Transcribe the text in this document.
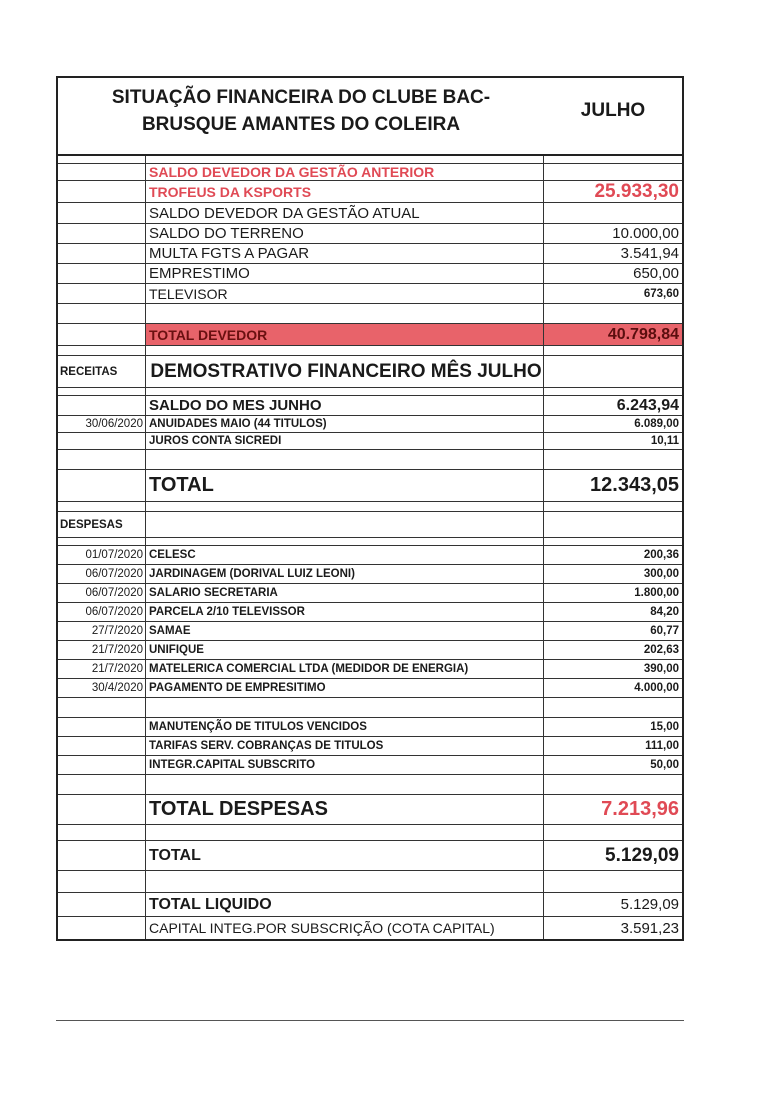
SITUAÇÃO FINANCEIRA DO CLUBE BAC-
BRUSQUE AMANTES DO COLEIRA
JULHO
SALDO DEVEDOR DA GESTÃO ANTERIOR
TROFEUS DA KSPORTS	25.933,30
SALDO DEVEDOR DA GESTÃO ATUAL
SALDO DO TERRENO	10.000,00
MULTA FGTS A PAGAR	3.541,94
EMPRESTIMO	650,00
TELEVISOR	673,60
TOTAL DEVEDOR	40.798,84
RECEITAS	DEMOSTRATIVO FINANCEIRO MÊS JULHO
SALDO DO MES JUNHO	6.243,94
30/06/2020 ANUIDADES MAIO (44 TITULOS)	6.089,00
JUROS CONTA SICREDI	10,11
TOTAL	12.343,05
DESPESAS
01/07/2020 CELESC	200,36
06/07/2020 JARDINAGEM (DORIVAL LUIZ LEONI)	300,00
06/07/2020 SALARIO SECRETARIA	1.800,00
06/07/2020 PARCELA 2/10 TELEVISSOR	84,20
27/7/2020 SAMAE	60,77
21/7/2020 UNIFIQUE	202,63
21/7/2020 MATELERICA COMERCIAL LTDA (MEDIDOR DE ENERGIA)	390,00
30/4/2020 PAGAMENTO DE EMPRESITIMO	4.000,00
MANUTENÇÃO DE TITULOS VENCIDOS	15,00
TARIFAS SERV. COBRANÇAS DE TITULOS	111,00
INTEGR.CAPITAL SUBSCRITO	50,00
TOTAL DESPESAS	7.213,96
TOTAL	5.129,09
TOTAL LIQUIDO	5.129,09
CAPITAL INTEG.POR SUBSCRIÇÃO (COTA CAPITAL)	3.591,23
